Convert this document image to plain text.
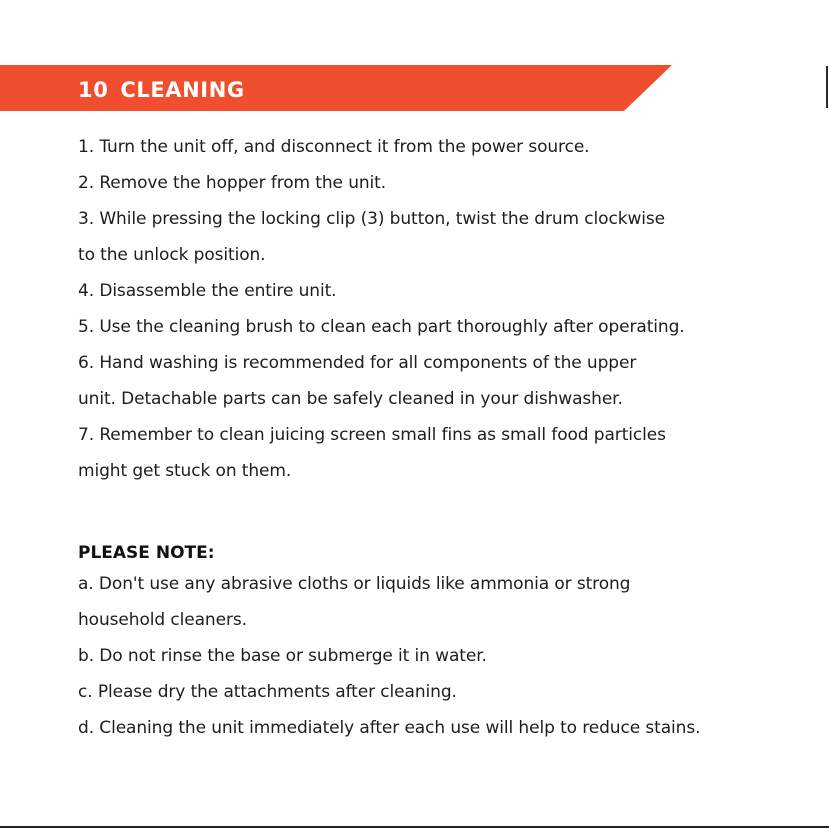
10 CLEANING
1. Turn the unit off, and disconnect it from the power source.
2. Remove the hopper from the unit.
3. While pressing the locking clip (3) button, twist the drum clockwise
to the unlock position.
4. Disassemble the entire unit.
5. Use the cleaning brush to clean each part thoroughly after operating.
6. Hand washing is recommended for all components of the upper
unit. Detachable parts can be safely cleaned in your dishwasher.
7. Remember to clean juicing screen small fins as small food particles
might get stuck on them.
PLEASE NOTE:
a. Don't use any abrasive cloths or liquids like ammonia or strong
household cleaners.
b. Do not rinse the base or submerge it in water.
c. Please dry the attachments after cleaning.
d. Cleaning the unit immediately after each use will help to reduce stains.
